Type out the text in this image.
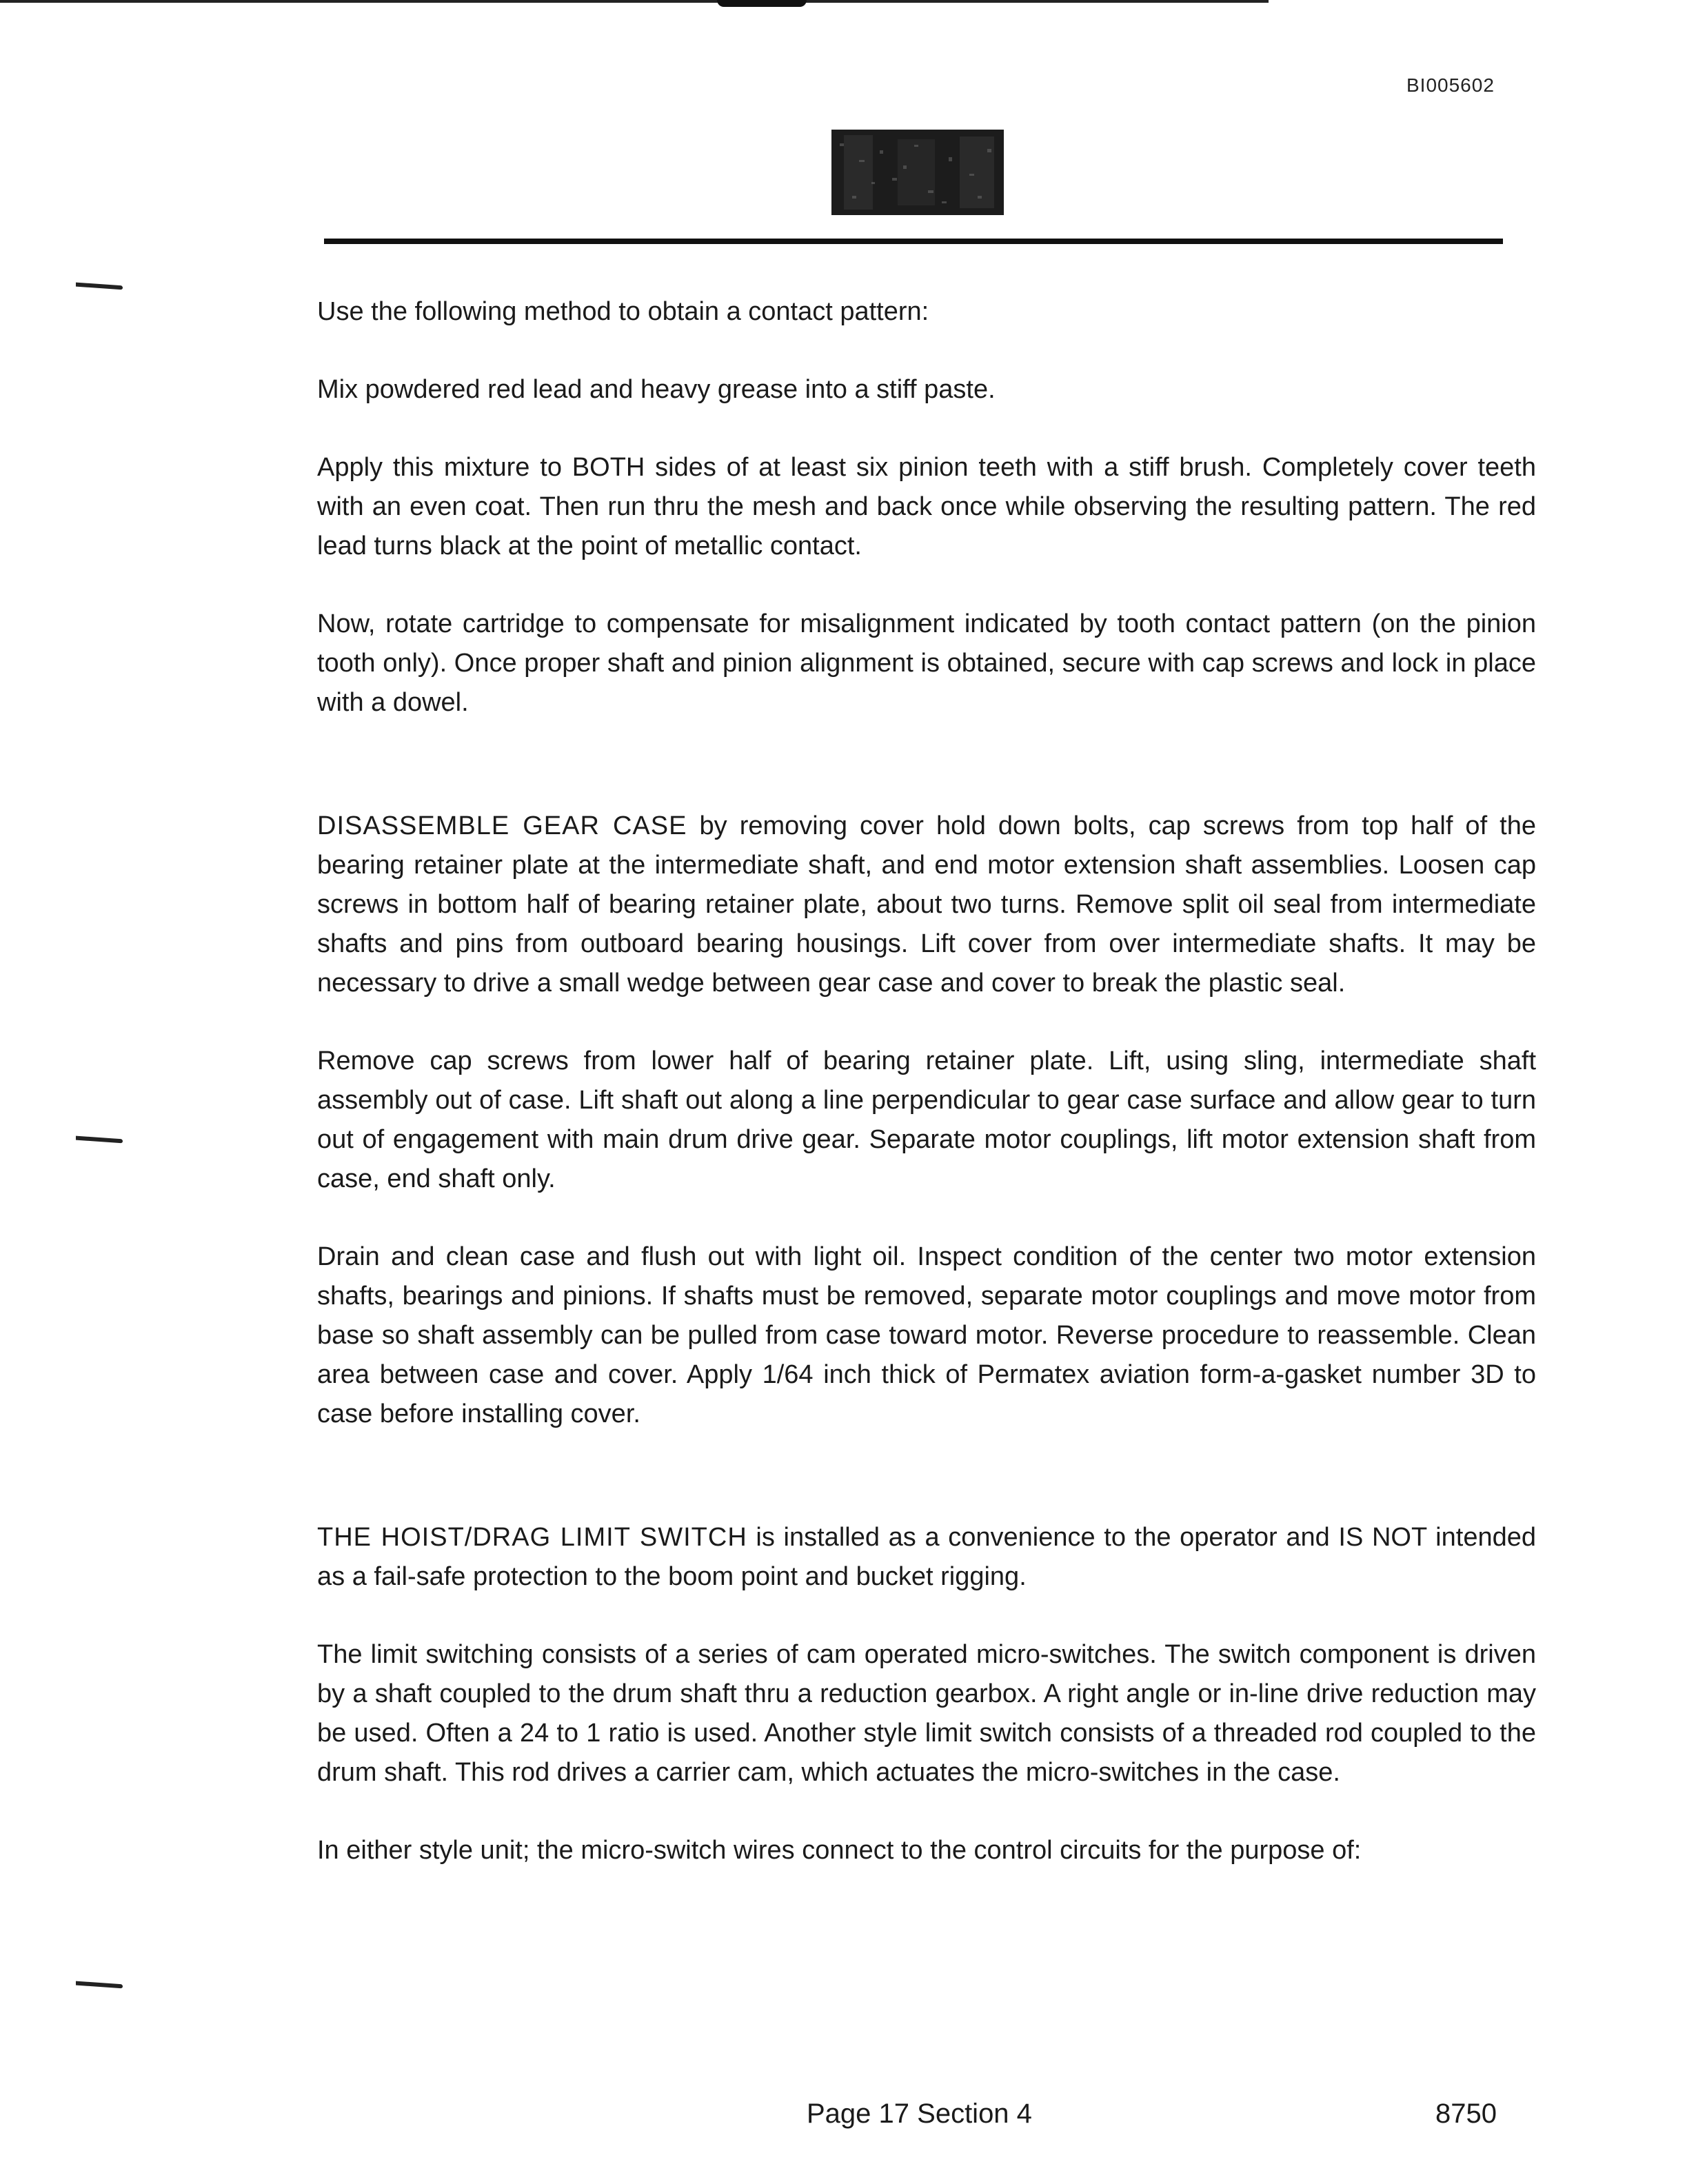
BI005602

Use the following method to obtain a contact pattern:

Mix powdered red lead and heavy grease into a stiff paste.

Apply this mixture to BOTH sides of at least six pinion teeth with a stiff brush. Completely cover teeth with an even coat. Then run thru the mesh and back once while observing the resulting pattern. The red lead turns black at the point of metallic contact.

Now, rotate cartridge to compensate for misalignment indicated by tooth contact pattern (on the pinion tooth only). Once proper shaft and pinion alignment is obtained, secure with cap screws and lock in place with a dowel.

DISASSEMBLE GEAR CASE by removing cover hold down bolts, cap screws from top half of the bearing retainer plate at the intermediate shaft, and end motor extension shaft assemblies. Loosen cap screws in bottom half of bearing retainer plate, about two turns. Remove split oil seal from intermediate shafts and pins from outboard bearing housings. Lift cover from over intermediate shafts. It may be necessary to drive a small wedge between gear case and cover to break the plastic seal.

Remove cap screws from lower half of bearing retainer plate. Lift, using sling, intermediate shaft assembly out of case. Lift shaft out along a line perpendicular to gear case surface and allow gear to turn out of engagement with main drum drive gear. Separate motor couplings, lift motor extension shaft from case, end shaft only.

Drain and clean case and flush out with light oil. Inspect condition of the center two motor extension shafts, bearings and pinions. If shafts must be removed, separate motor couplings and move motor from base so shaft assembly can be pulled from case toward motor. Reverse procedure to reassemble. Clean area between case and cover. Apply 1/64 inch thick of Permatex aviation form-a-gasket number 3D to case before installing cover.

THE HOIST/DRAG LIMIT SWITCH is installed as a convenience to the operator and IS NOT intended as a fail-safe protection to the boom point and bucket rigging.

The limit switching consists of a series of cam operated micro-switches. The switch component is driven by a shaft coupled to the drum shaft thru a reduction gearbox. A right angle or in-line drive reduction may be used. Often a 24 to 1 ratio is used. Another style limit switch consists of a threaded rod coupled to the drum shaft. This rod drives a carrier cam, which actuates the micro-switches in the case.

In either style unit; the micro-switch wires connect to the control circuits for the purpose of:

Page 17 Section 4	8750
